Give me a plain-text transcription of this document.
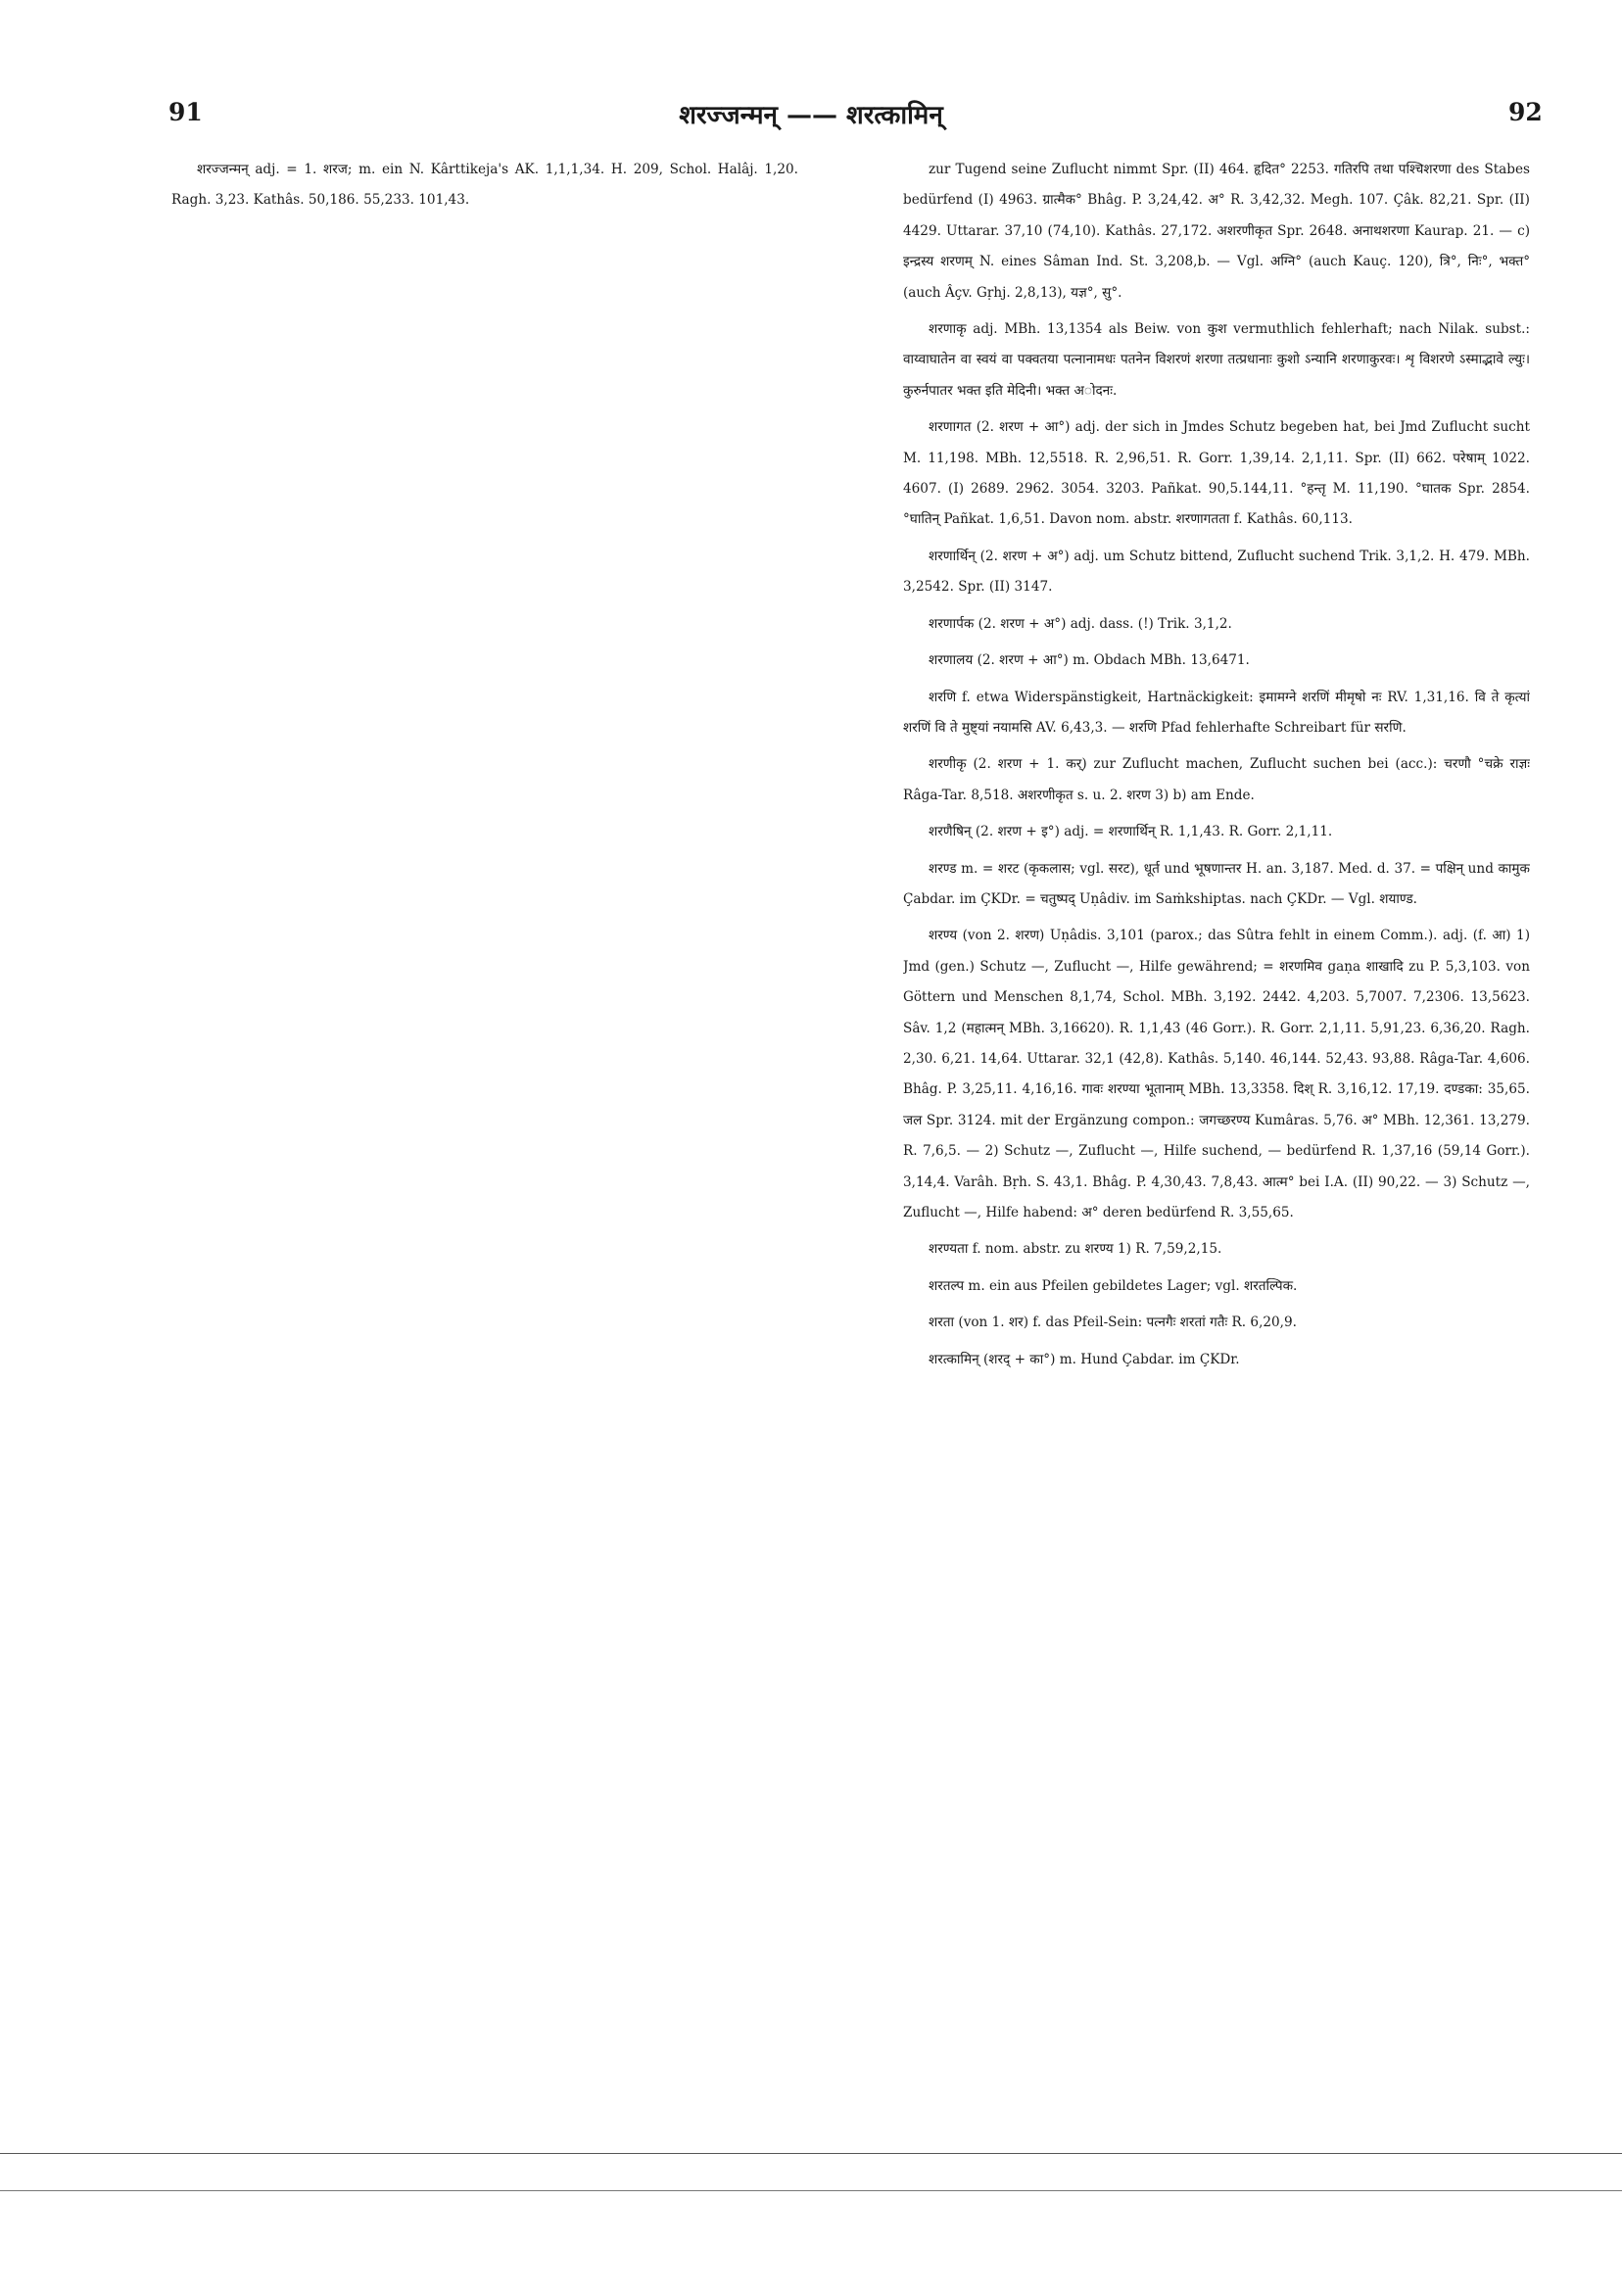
91	शरज्जन्मन् —— शरत्कामिन्	92

शरज्जन्मन् adj. = 1. शरज; m. ein N. Kârttikeja's AK. 1,1,1,34. H. 209, Schol. Halâj. 1,20. Ragh. 3,23. Kathâs. 50,186. 55,233. 101,43.

zur Tugend seine Zuflucht nimmt Spr. (II) 464. हृदित° 2253. गतिरपि तथा पश्चिशरणा des Stabes bedürfend (I) 4963. ग्रात्मैक° Bhâg. P. 3,24,42. अ° R. 3,42,32. Megh. 107. Çâk. 82,21. Spr. (II) 4429. Uttarar. 37,10 (74,10). Kathâs. 27,172. अशरणीकृत Spr. 2648. अनाथशरणा Kaurap. 21. — c) इन्द्रस्य शरणम् N. eines Sâman Ind. St. 3,208,b. — Vgl. अग्नि° (auch Kauç. 120), त्रि°, निः°, भक्त° (auch Âçv. Gṛhj. 2,8,13), यज्ञ°, सु°.

शरणाकृ adj. MBh. 13,1354 als Beiw. von कुश vermuthlich fehlerhaft; nach Nilak. subst.: वाय्वाघातेन वा स्वयं वा पक्वतया पत्नानामधः पतनेन विशरणं शरणा तत्प्रधानाः कुशो ऽन्यानि शरणाकुरवः। शृ विशरणे ऽस्माद्भावे ल्युः। कुरुर्नपातर भक्त इति मेदिनी। भक्त अोदनः.

शरणागत (2. शरण + आ°) adj. der sich in Jmdes Schutz begeben hat, bei Jmd Zuflucht sucht M. 11,198. MBh. 12,5518. R. 2,96,51. R. Gorr. 1,39,14. 2,1,11. Spr. (II) 662. परेषाम् 1022. 4607. (I) 2689. 2962. 3054. 3203. Pañkat. 90,5.144,11. °हन्तृ M. 11,190. °घातक Spr. 2854. °घातिन् Pañkat. 1,6,51. Davon nom. abstr. शरणागतता f. Kathâs. 60,113.

शरणार्थिन् (2. शरण + अ°) adj. um Schutz bittend, Zuflucht suchend Trik. 3,1,2. H. 479. MBh. 3,2542. Spr. (II) 3147.

शरणार्पक (2. शरण + अ°) adj. dass. (!) Trik. 3,1,2.

शरणालय (2. शरण + आ°) m. Obdach MBh. 13,6471.

शरणि f. etwa Widerspänstigkeit, Hartnäckigkeit: इमामग्ने शरणिं मीमृषो नः RV. 1,31,16. वि ते कृत्यां शरणिं वि ते मुष्ट्यां नयामसि AV. 6,43,3. — शरणि Pfad fehlerhafte Schreibart für सरणि.

शरणीकृ (2. शरण + 1. कर्) zur Zuflucht machen, Zuflucht suchen bei (acc.): चरणौ °चक्रे राज्ञः Râga-Tar. 8,518. अशरणीकृत s. u. 2. शरण 3) b) am Ende.

शरणैषिन् (2. शरण + इ°) adj. = शरणार्थिन् R. 1,1,43. R. Gorr. 2,1,11.

शरण्ड m. = शरट (कृकलास; vgl. सरट), धूर्त und भूषणान्तर H. an. 3,187. Med. d. 37. = पक्षिन् und कामुक Çabdar. im ÇKDr. = चतुष्पद् Uṇâdiv. im Saṁkshiptas. nach ÇKDr. — Vgl. शयाण्ड.

शरण्य (von 2. शरण) Uṇâdis. 3,101 (parox.; das Sûtra fehlt in einem Comm.). adj. (f. आ) 1) Jmd (gen.) Schutz —, Zuflucht —, Hilfe gewährend; = शरणमिव gaṇa शाखादि zu P. 5,3,103. von Göttern und Menschen 8,1,74, Schol. MBh. 3,192. 2442. 4,203. 5,7007. 7,2306. 13,5623. Sâv. 1,2 (महात्मन् MBh. 3,16620). R. 1,1,43 (46 Gorr.). R. Gorr. 2,1,11. 5,91,23. 6,36,20. Ragh. 2,30. 6,21. 14,64. Uttarar. 32,1 (42,8). Kathâs. 5,140. 46,144. 52,43. 93,88. Râga-Tar. 4,606. Bhâg. P. 3,25,11. 4,16,16. गावः शरण्या भूतानाम् MBh. 13,3358. दिश् R. 3,16,12. 17,19. दण्डका: 35,65. जल Spr. 3124. mit der Ergänzung compon.: जगच्छरण्य Kumâras. 5,76. अ° MBh. 12,361. 13,279. R. 7,6,5. — 2) Schutz —, Zuflucht —, Hilfe suchend, — bedürfend R. 1,37,16 (59,14 Gorr.). 3,14,4. Varâh. Bṛh. S. 43,1. Bhâg. P. 4,30,43. 7,8,43. आत्म° bei I.A. (II) 90,22. — 3) Schutz —, Zuflucht —, Hilfe habend: अ° deren bedürfend R. 3,55,65.

शरण्यता f. nom. abstr. zu शरण्य 1) R. 7,59,2,15.

शरतल्प m. ein aus Pfeilen gebildetes Lager; vgl. शरतल्पिक.

शरता (von 1. शर) f. das Pfeil-Sein: पत्नगैः शरतां गतैः R. 6,20,9.

शरत्कामिन् (शरद् + का°) m. Hund Çabdar. im ÇKDr.
